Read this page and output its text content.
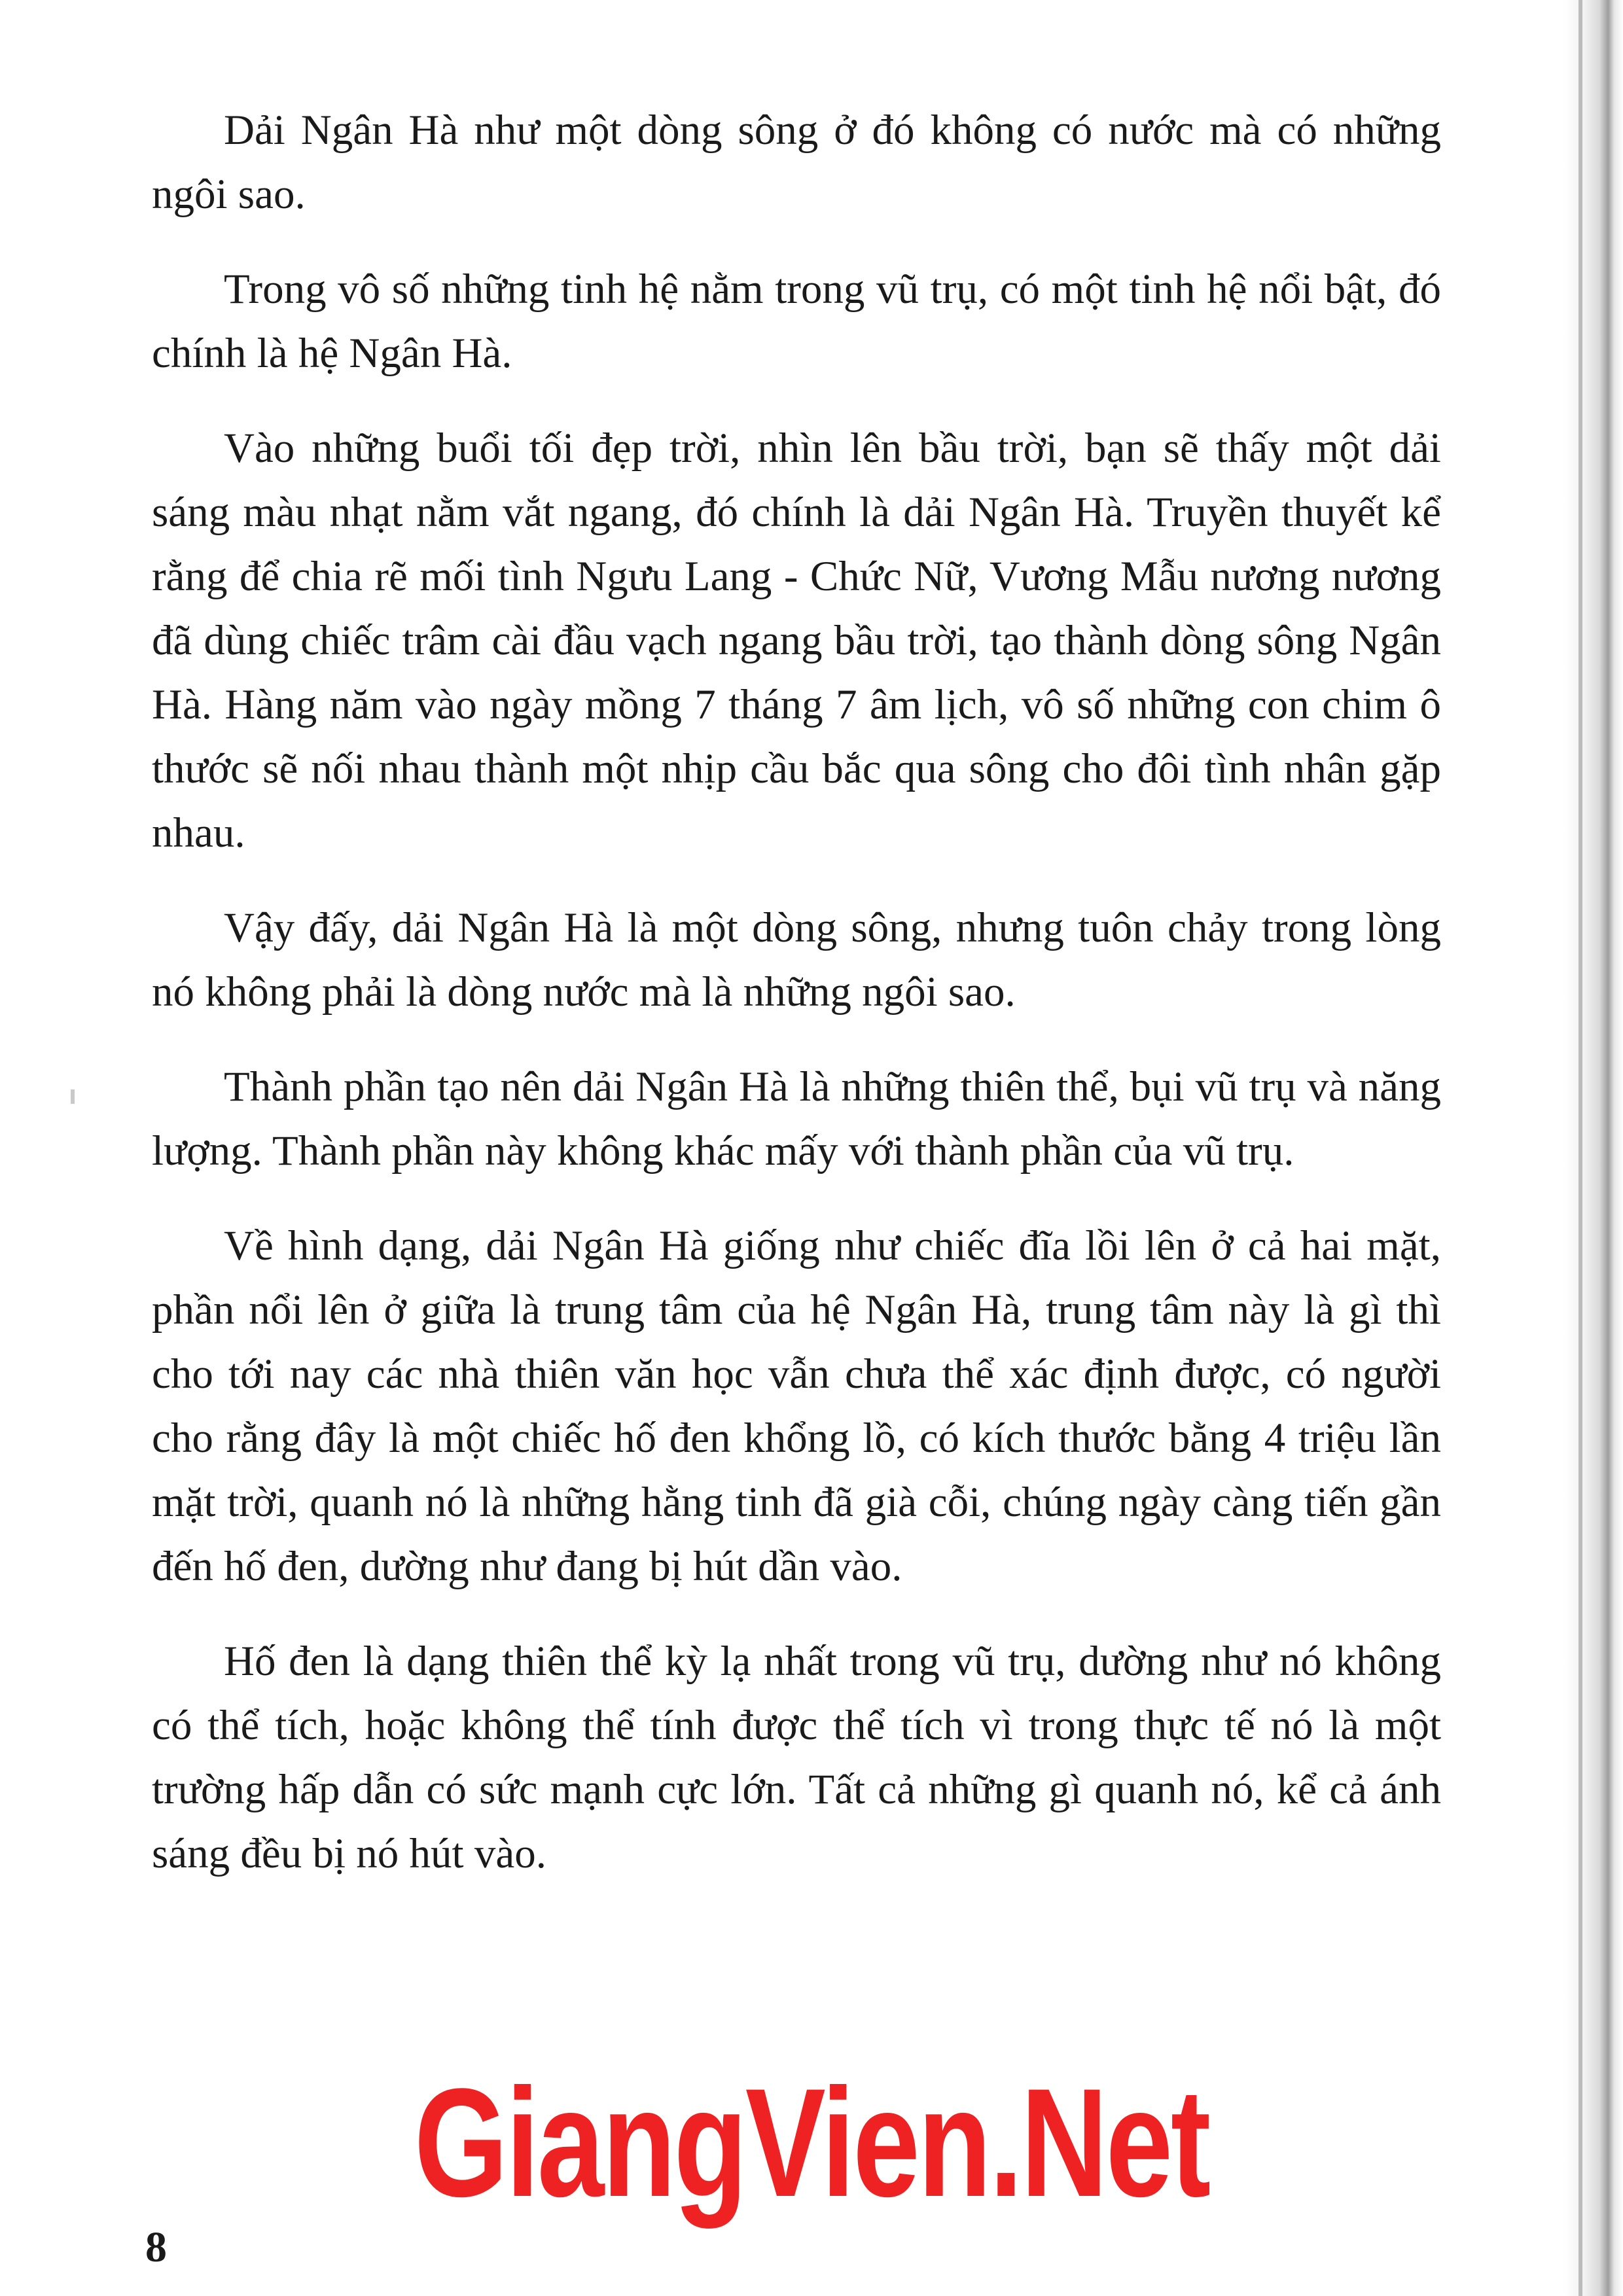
Dải Ngân Hà như một dòng sông ở đó không có nước mà có những ngôi sao.

Trong vô số những tinh hệ nằm trong vũ trụ, có một tinh hệ nổi bật, đó chính là hệ Ngân Hà.

Vào những buổi tối đẹp trời, nhìn lên bầu trời, bạn sẽ thấy một dải sáng màu nhạt nằm vắt ngang, đó chính là dải Ngân Hà. Truyền thuyết kể rằng để chia rẽ mối tình Ngưu Lang - Chức Nữ, Vương Mẫu nương nương đã dùng chiếc trâm cài đầu vạch ngang bầu trời, tạo thành dòng sông Ngân Hà. Hàng năm vào ngày mồng 7 tháng 7 âm lịch, vô số những con chim ô thước sẽ nối nhau thành một nhịp cầu bắc qua sông cho đôi tình nhân gặp nhau.

Vậy đấy, dải Ngân Hà là một dòng sông, nhưng tuôn chảy trong lòng nó không phải là dòng nước mà là những ngôi sao.

Thành phần tạo nên dải Ngân Hà là những thiên thể, bụi vũ trụ và năng lượng. Thành phần này không khác mấy với thành phần của vũ trụ.

Về hình dạng, dải Ngân Hà giống như chiếc đĩa lồi lên ở cả hai mặt, phần nổi lên ở giữa là trung tâm của hệ Ngân Hà, trung tâm này là gì thì cho tới nay các nhà thiên văn học vẫn chưa thể xác định được, có người cho rằng đây là một chiếc hố đen khổng lồ, có kích thước bằng 4 triệu lần mặt trời, quanh nó là những hằng tinh đã già cỗi, chúng ngày càng tiến gần đến hố đen, dường như đang bị hút dần vào.

Hố đen là dạng thiên thể kỳ lạ nhất trong vũ trụ, dường như nó không có thể tích, hoặc không thể tính được thể tích vì trong thực tế nó là một trường hấp dẫn có sức mạnh cực lớn. Tất cả những gì quanh nó, kể cả ánh sáng đều bị nó hút vào.

GiangVien.Net
8
